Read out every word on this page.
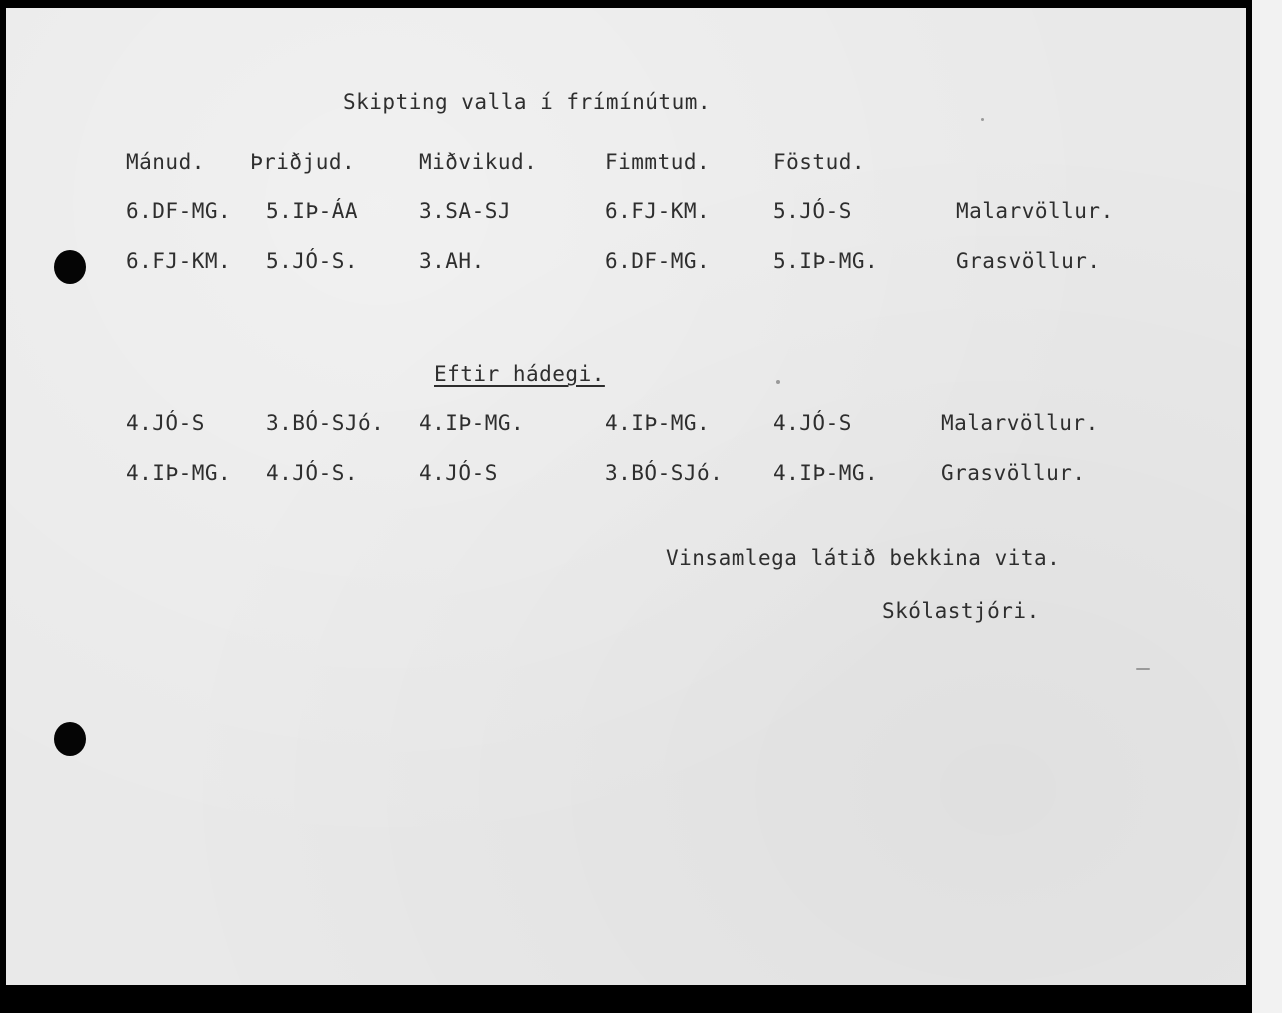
Skipting valla í frímínútum.
Mánud. Þriðjud.	Miðvikud.	Fimmtud.	Föstud.
6.DF-MG. 5.IÞ-ÁA	3.SA-SJ	6.FJ-KM.	5.JÓ-S	Malarvöllur.
6.FJ-KM. 5.JÓ-S.	3.AH.	6.DF-MG.	5.IÞ-MG.	Grasvöllur.
Eftir hádegi.
4.JÓ-S	3.BÓ-SJó. 4.IÞ-MG.	4.IÞ-MG.	4.JÓ-S	Malarvöllur.
4.IÞ-MG. 4.JÓ-S.	4.JÓ-S	3.BÓ-SJó. 4.IÞ-MG.	Grasvöllur.
Vinsamlega látið bekkina vita.
Skólastjóri.
